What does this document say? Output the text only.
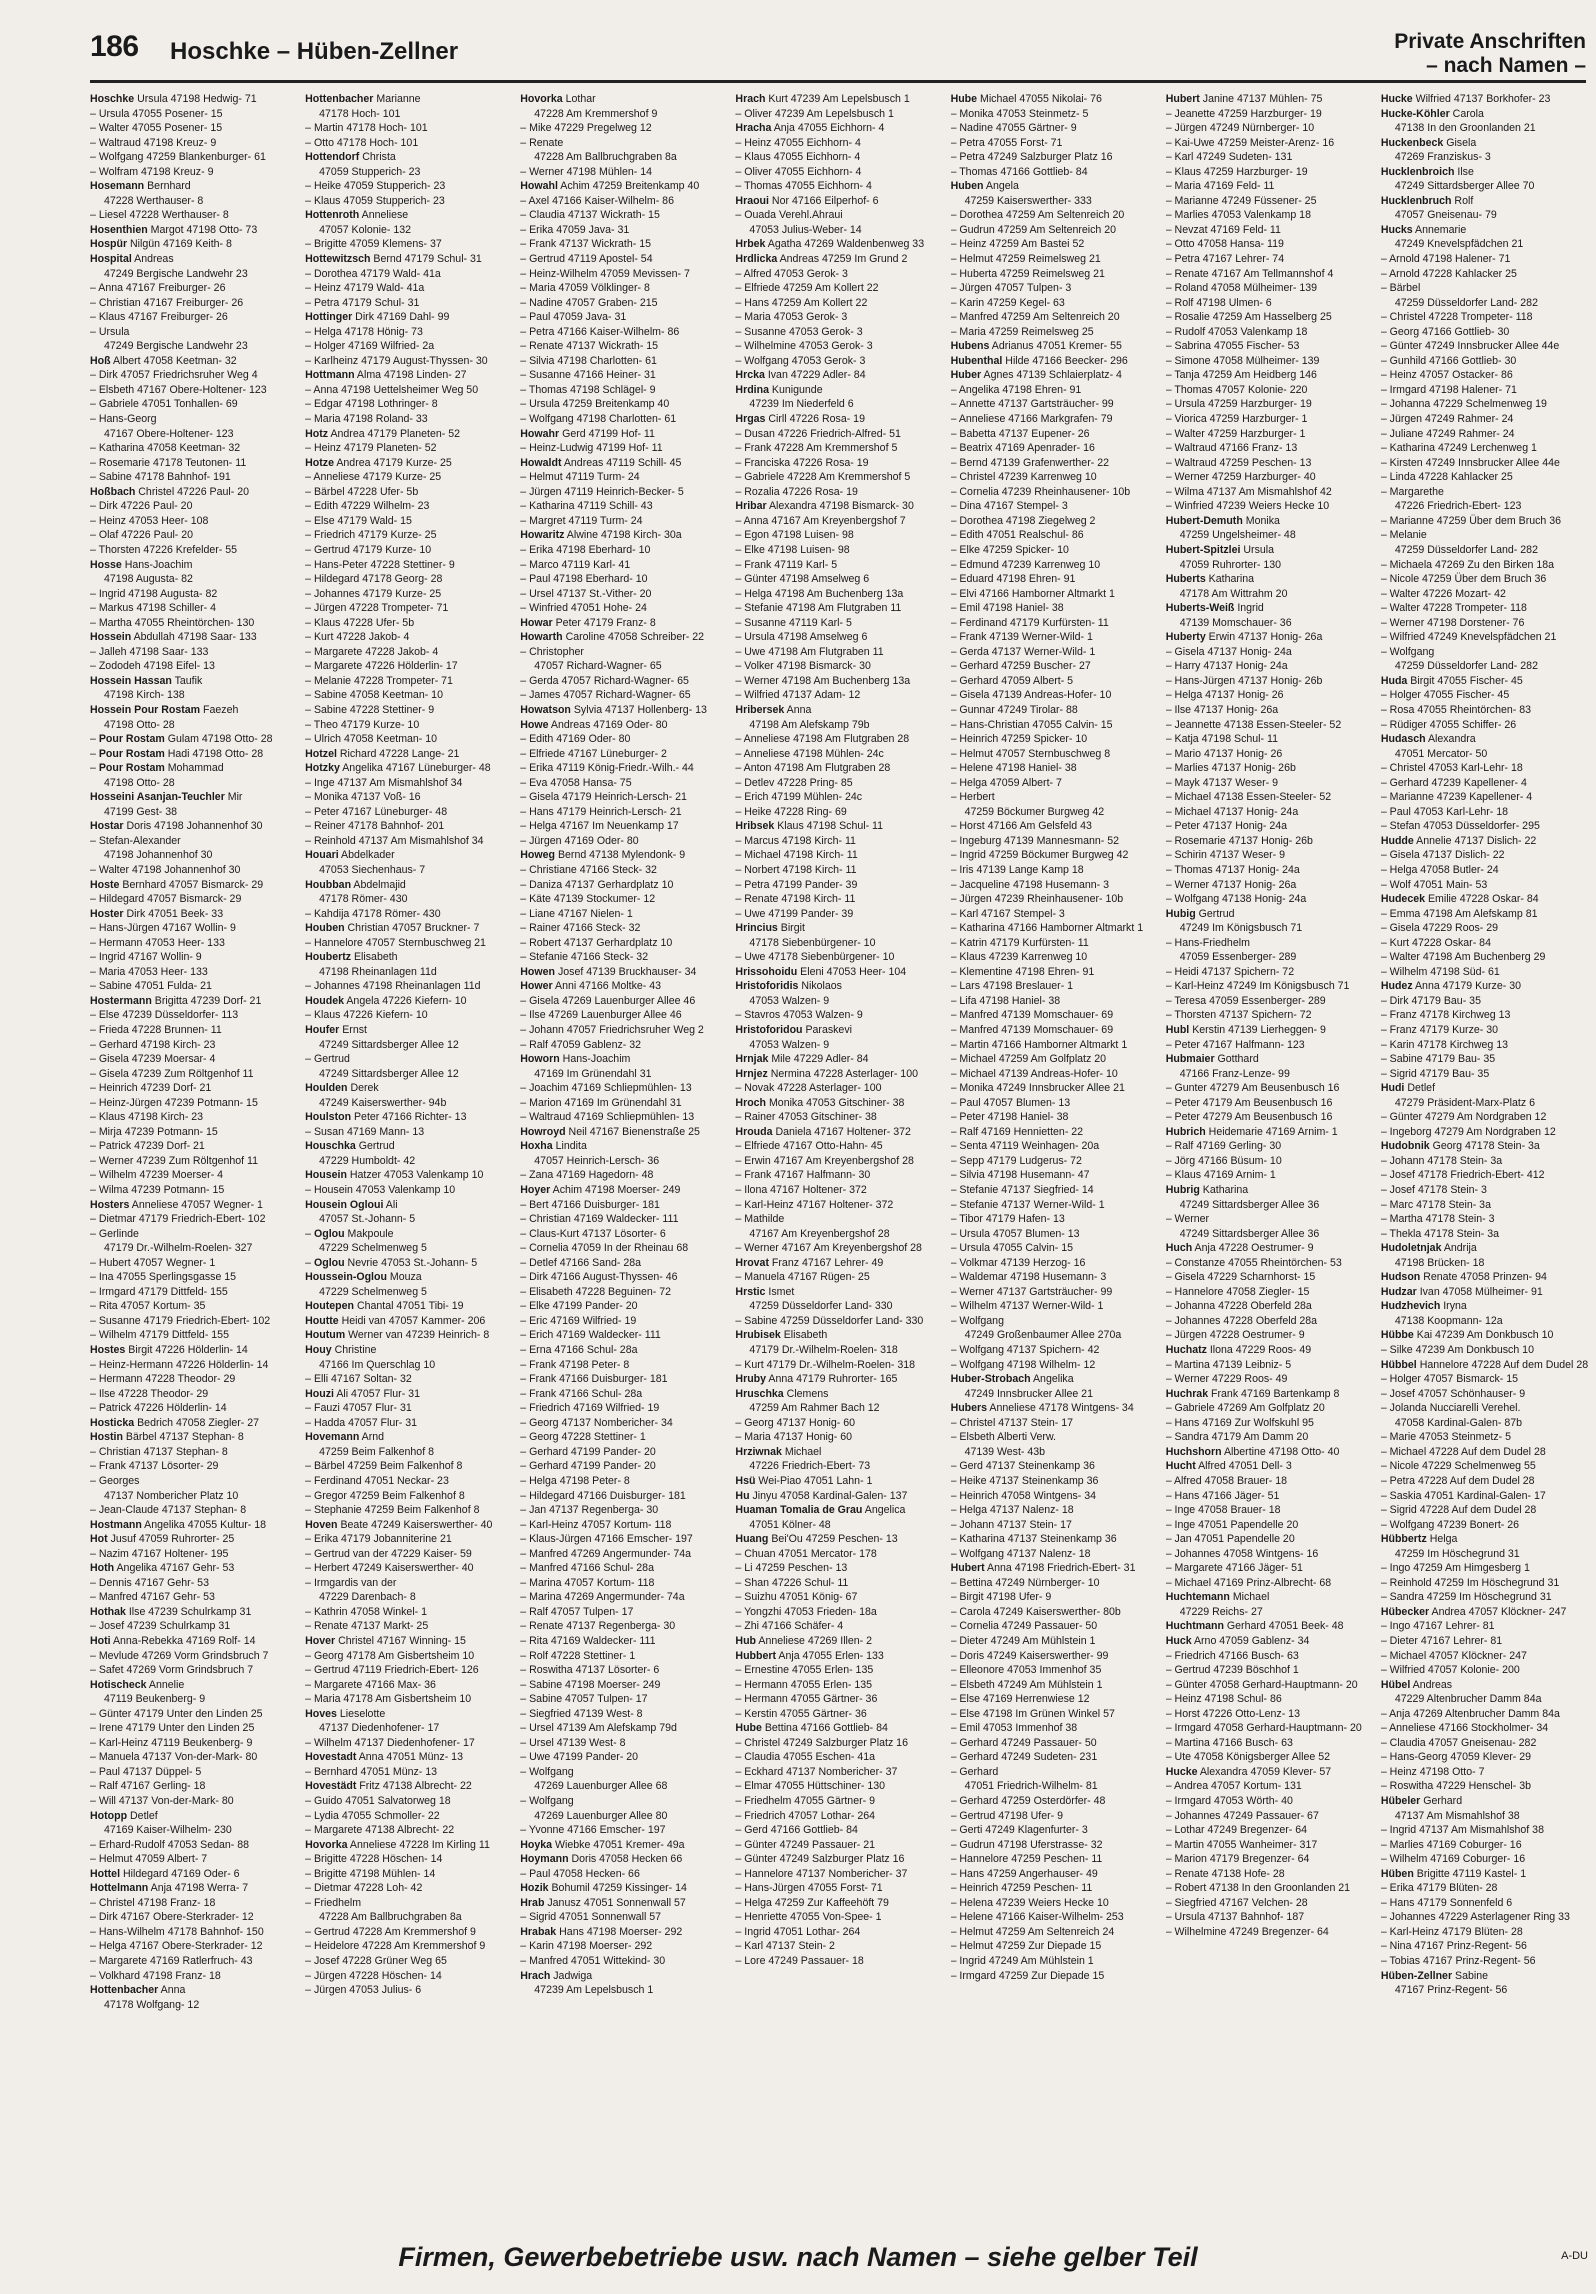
186 Hoschke – Hüben-Zellner	Private Anschriften
– nach Namen –
Hoschke Ursula 47198 Hedwig- 71
– Ursula 47055 Posener- 15
– Walter 47055 Posener- 15
– Waltraud 47198 Kreuz- 9
– Wolfgang 47259 Blankenburger- 61
– Wolfram 47198 Kreuz- 9
Hosemann Bernhard
47228 Werthauser- 8
– Liesel 47228 Werthauser- 8
Hosenthien Margot 47198 Otto- 73
Hospür Nilgün 47169 Keith- 8
Hospital Andreas
47249 Bergische Landwehr 23
– Anna 47167 Freiburger- 26
– Christian 47167 Freiburger- 26
– Klaus 47167 Freiburger- 26
– Ursula
47249 Bergische Landwehr 23
Hoß Albert 47058 Keetman- 32
– Dirk 47057 Friedrichsruher Weg 4
– Elsbeth 47167 Obere-Holtener- 123
– Gabriele 47051 Tonhallen- 69
– Hans-Georg
47167 Obere-Holtener- 123
– Katharina 47058 Keetman- 32
– Rosemarie 47178 Teutonen- 11
– Sabine 47178 Bahnhof- 191
Hoßbach Christel 47226 Paul- 20
– Dirk 47226 Paul- 20
– Heinz 47053 Heer- 108
– Olaf 47226 Paul- 20
– Thorsten 47226 Krefelder- 55
Hosse Hans-Joachim
47198 Augusta- 82
– Ingrid 47198 Augusta- 82
– Markus 47198 Schiller- 4
– Martha 47055 Rheintörchen- 130
Hossein Abdullah 47198 Saar- 133
– Jalleh 47198 Saar- 133
– Zododeh 47198 Eifel- 13
Hossein Hassan Taufik
47198 Kirch- 138
Hossein Pour Rostam Faezeh
47198 Otto- 28
– Pour Rostam Gulam 47198 Otto- 28
– Pour Rostam Hadi 47198 Otto- 28
– Pour Rostam Mohammad
47198 Otto- 28
Hosseini Asanjan-Teuchler Mir
47199 Gest- 38
Hostar Doris 47198 Johannenhof 30
– Stefan-Alexander
47198 Johannenhof 30
– Walter 47198 Johannenhof 30
Hoste Bernhard 47057 Bismarck- 29
– Hildegard 47057 Bismarck- 29
Hoster Dirk 47051 Beek- 33
– Hans-Jürgen 47167 Wollin- 9
– Hermann 47053 Heer- 133
– Ingrid 47167 Wollin- 9
– Maria 47053 Heer- 133
– Sabine 47051 Fulda- 21
Hostermann Brigitta 47239 Dorf- 21
– Else 47239 Düsseldorfer- 113
– Frieda 47228 Brunnen- 11
– Gerhard 47198 Kirch- 23
– Gisela 47239 Moersar- 4
– Gisela 47239 Zum Röltgenhof 11
– Heinrich 47239 Dorf- 21
– Heinz-Jürgen 47239 Potmann- 15
– Klaus 47198 Kirch- 23
– Mirja 47239 Potmann- 15
– Patrick 47239 Dorf- 21
– Werner 47239 Zum Röltgenhof 11
– Wilhelm 47239 Moerser- 4
– Wilma 47239 Potmann- 15
Hosters Anneliese 47057 Wegner- 1
– Dietmar 47179 Friedrich-Ebert- 102
– Gerlinde
47179 Dr.-Wilhelm-Roelen- 327
– Hubert 47057 Wegner- 1
– Ina 47055 Sperlingsgasse 15
– Irmgard 47179 Dittfeld- 155
– Rita 47057 Kortum- 35
– Susanne 47179 Friedrich-Ebert- 102
– Wilhelm 47179 Dittfeld- 155
Hostes Birgit 47226 Hölderlin- 14
– Heinz-Hermann 47226 Hölderlin- 14
– Hermann 47228 Theodor- 29
– Ilse 47228 Theodor- 29
– Patrick 47226 Hölderlin- 14
Hosticka Bedrich 47058 Ziegler- 27
Hostin Bärbel 47137 Stephan- 8
– Christian 47137 Stephan- 8
– Frank 47137 Lösorter- 29
– Georges
47137 Nombericher Platz 10
– Jean-Claude 47137 Stephan- 8
Hostmann Angelika 47055 Kultur- 18
Hot Jusuf 47059 Ruhrorter- 25
– Nazim 47167 Holtener- 195
Hoth Angelika 47167 Gehr- 53
– Dennis 47167 Gehr- 53
– Manfred 47167 Gehr- 53
Hothak Ilse 47239 Schulrkamp 31
– Josef 47239 Schulrkamp 31
Hoti Anna-Rebekka 47169 Rolf- 14
– Mevlude 47269 Vorm Grindsbruch 7
– Safet 47269 Vorm Grindsbruch 7
Hotischeck Annelie
47119 Beukenberg- 9
– Günter 47179 Unter den Linden 25
– Irene 47179 Unter den Linden 25
– Karl-Heinz 47119 Beukenberg- 9
– Manuela 47137 Von-der-Mark- 80
– Paul 47137 Düppel- 5
– Ralf 47167 Gerling- 18
– Will 47137 Von-der-Mark- 80
Hotopp Detlef
47169 Kaiser-Wilhelm- 230
– Erhard-Rudolf 47053 Sedan- 88
– Helmut 47059 Albert- 7
Hottel Hildegard 47169 Oder- 6
Hottelmann Anja 47198 Werra- 7
– Christel 47198 Franz- 18
– Dirk 47167 Obere-Sterkrader- 12
– Hans-Wilhelm 47178 Bahnhof- 150
– Helga 47167 Obere-Sterkrader- 12
– Margarete 47169 Ratlerfruch- 43
– Volkhard 47198 Franz- 18
Hottenbacher Anna
47178 Wolfgang- 12
Hottenbacher Marianne
47178 Hoch- 101
– Martin 47178 Hoch- 101
– Otto 47178 Hoch- 101
Hottendorf Christa
47059 Stupperich- 23
– Heike 47059 Stupperich- 23
– Klaus 47059 Stupperich- 23
Hottenroth Anneliese
47057 Kolonie- 132
– Brigitte 47059 Klemens- 37
Hottewitzsch Bernd 47179 Schul- 31
– Dorothea 47179 Wald- 41a
– Heinz 47179 Wald- 41a
– Petra 47179 Schul- 31
Hottinger Dirk 47169 Dahl- 99
– Helga 47178 Hönig- 73
– Holger 47169 Wilfried- 2a
– Karlheinz 47179 August-Thyssen- 30
Hottmann Alma 47198 Linden- 27
– Anna 47198 Uettelsheimer Weg 50
– Edgar 47198 Lothringer- 8
– Maria 47198 Roland- 33
Hotz Andrea 47179 Planeten- 52
– Heinz 47179 Planeten- 52
Hotze Andrea 47179 Kurze- 25
– Anneliese 47179 Kurze- 25
– Bärbel 47228 Ufer- 5b
– Edith 47229 Wilhelm- 23
– Else 47179 Wald- 15
– Friedrich 47179 Kurze- 25
– Gertrud 47179 Kurze- 10
– Hans-Peter 47228 Stettiner- 9
– Hildegard 47178 Georg- 28
– Johannes 47179 Kurze- 25
– Jürgen 47228 Trompeter- 71
– Klaus 47228 Ufer- 5b
– Kurt 47228 Jakob- 4
– Margarete 47228 Jakob- 4
– Margarete 47226 Hölderlin- 17
– Melanie 47228 Trompeter- 71
– Sabine 47058 Keetman- 10
– Sabine 47228 Stettiner- 9
– Theo 47179 Kurze- 10
– Ulrich 47058 Keetman- 10
Hotzel Richard 47228 Lange- 21
Hotzky Angelika 47167 Lüneburger- 48
– Inge 47137 Am Mismahlshof 34
– Monika 47137 Voß- 16
– Peter 47167 Lüneburger- 48
– Reiner 47178 Bahnhof- 201
– Reinhold 47137 Am Mismahlshof 34
Houari Abdelkader
47053 Siechenhaus- 7
Houbban Abdelmajid
47178 Römer- 430
– Kahdija 47178 Römer- 430
Houben Christian 47057 Bruckner- 7
– Hannelore 47057 Sternbuschweg 21
Houbertz Elisabeth
47198 Rheinanlagen 11d
– Johannes 47198 Rheinanlagen 11d
Houdek Angela 47226 Kiefern- 10
– Klaus 47226 Kiefern- 10
Houfer Ernst
47249 Sittardsberger Allee 12
– Gertrud
47249 Sittardsberger Allee 12
Houlden Derek
47249 Kaiserswerther- 94b
Houlston Peter 47166 Richter- 13
– Susan 47169 Mann- 13
Houschka Gertrud
47229 Humboldt- 42
Housein Hatzer 47053 Valenkamp 10
– Housein 47053 Valenkamp 10
Housein Ogloui Ali
47057 St.-Johann- 5
– Oglou Makpoule
47229 Schelmenweg 5
– Oglou Nevrie 47053 St.-Johann- 5
Houssein-Oglou Mouza
47229 Schelmenweg 5
Houtepen Chantal 47051 Tibi- 19
Houtte Heidi van 47057 Kammer- 206
Houtum Werner van 47239 Heinrich- 8
Houy Christine
47166 Im Querschlag 10
– Elli 47167 Soltan- 32
Houzi Ali 47057 Flur- 31
– Fauzi 47057 Flur- 31
– Hadda 47057 Flur- 31
Hovemann Arnd
47259 Beim Falkenhof 8
– Bärbel 47259 Beim Falkenhof 8
– Ferdinand 47051 Neckar- 23
– Gregor 47259 Beim Falkenhof 8
– Stephanie 47259 Beim Falkenhof 8
Hoven Beate 47249 Kaiserswerther- 40
– Erika 47179 Jobanniterine 21
– Gertrud van der 47229 Kaiser- 59
– Herbert 47249 Kaiserswerther- 40
– Irmgardis van der
47229 Darenbach- 8
– Kathrin 47058 Winkel- 1
– Renate 47137 Markt- 25
Hover Christel 47167 Winning- 15
– Georg 47178 Am Gisbertsheim 10
– Gertrud 47119 Friedrich-Ebert- 126
– Margarete 47166 Max- 36
– Maria 47178 Am Gisbertsheim 10
Hoves Lieselotte
47137 Diedenhofener- 17
– Wilhelm 47137 Diedenhofener- 17
Hovestadt Anna 47051 Münz- 13
– Bernhard 47051 Münz- 13
Hovestädt Fritz 47138 Albrecht- 22
– Guido 47051 Salvatorweg 18
– Lydia 47055 Schmoller- 22
– Margarete 47138 Albrecht- 22
Hovorka Anneliese 47228 Im Kirling 11
– Brigitte 47228 Höschen- 14
– Brigitte 47198 Mühlen- 14
– Dietmar 47228 Loh- 42
– Friedhelm
47228 Am Ballbruchgraben 8a
– Gertrud 47228 Am Kremmershof 9
– Heidelore 47228 Am Kremmershof 9
– Josef 47228 Grüner Weg 65
– Jürgen 47228 Höschen- 14
– Jürgen 47053 Julius- 6
Hovorka Lothar
47228 Am Kremmershof 9
– Mike 47229 Pregelweg 12
– Renate
47228 Am Ballbruchgraben 8a
– Werner 47198 Mühlen- 14
Howahl Achim 47259 Breitenkamp 40
– Axel 47166 Kaiser-Wilhelm- 86
– Claudia 47137 Wickrath- 15
– Erika 47059 Java- 31
– Frank 47137 Wickrath- 15
– Gertrud 47119 Apostel- 54
– Heinz-Wilhelm 47059 Mevissen- 7
– Maria 47059 Völklinger- 8
– Nadine 47057 Graben- 215
– Paul 47059 Java- 31
– Petra 47166 Kaiser-Wilhelm- 86
– Renate 47137 Wickrath- 15
– Silvia 47198 Charlotten- 61
– Susanne 47166 Heiner- 31
– Thomas 47198 Schlägel- 9
– Ursula 47259 Breitenkamp 40
– Wolfgang 47198 Charlotten- 61
Howahr Gerd 47199 Hof- 11
– Heinz-Ludwig 47199 Hof- 11
Howaldt Andreas 47119 Schill- 45
– Helmut 47119 Turm- 24
– Jürgen 47119 Heinrich-Becker- 5
– Katharina 47119 Schill- 43
– Margret 47119 Turm- 24
Howaritz Alwine 47198 Kirch- 30a
– Erika 47198 Eberhard- 10
– Marco 47119 Karl- 41
– Paul 47198 Eberhard- 10
– Ursel 47137 St.-Vither- 20
– Winfried 47051 Hohe- 24
Howar Peter 47179 Franz- 8
Howarth Caroline 47058 Schreiber- 22
– Christopher
47057 Richard-Wagner- 65
– Gerda 47057 Richard-Wagner- 65
– James 47057 Richard-Wagner- 65
Howatson Sylvia 47137 Hollenberg- 13
Howe Andreas 47169 Oder- 80
– Edith 47169 Oder- 80
– Elfriede 47167 Lüneburger- 2
– Erika 47119 König-Friedr.-Wilh.- 44
– Eva 47058 Hansa- 75
– Gisela 47179 Heinrich-Lersch- 21
– Hans 47179 Heinrich-Lersch- 21
– Helga 47167 Im Neuenkamp 17
– Jürgen 47169 Oder- 80
Howeg Bernd 47138 Mylendonk- 9
– Christiane 47166 Steck- 32
– Daniza 47137 Gerhardplatz 10
– Käte 47139 Stockumer- 12
– Liane 47167 Nielen- 1
– Rainer 47166 Steck- 32
– Robert 47137 Gerhardplatz 10
– Stefanie 47166 Steck- 32
Howen Josef 47139 Bruckhauser- 34
Hower Anni 47166 Moltke- 43
– Gisela 47269 Lauenburger Allee 46
– Ilse 47269 Lauenburger Allee 46
– Johann 47057 Friedrichsruher Weg 2
– Ralf 47059 Gablenz- 32
Howorn Hans-Joachim
47169 Im Grünendahl 31
– Joachim 47169 Schliepmühlen- 13
– Marion 47169 Im Grünendahl 31
– Waltraud 47169 Schliepmühlen- 13
Howroyd Neil 47167 Bienenstraße 25
Hoxha Lindita
47057 Heinrich-Lersch- 36
– Zana 47169 Hagedorn- 48
Hoyer Achim 47198 Moerser- 249
– Bert 47166 Duisburger- 181
– Christian 47169 Waldecker- 111
– Claus-Kurt 47137 Lösorter- 6
– Cornelia 47059 In der Rheinau 68
– Detlef 47166 Sand- 28a
– Dirk 47166 August-Thyssen- 46
– Elisabeth 47228 Beguinen- 72
– Elke 47199 Pander- 20
– Eric 47169 Wilfried- 19
– Erich 47169 Waldecker- 111
– Erna 47166 Schul- 28a
– Frank 47198 Peter- 8
– Frank 47166 Duisburger- 181
– Frank 47166 Schul- 28a
– Friedrich 47169 Wilfried- 19
– Georg 47137 Nombericher- 34
– Georg 47228 Stettiner- 1
– Gerhard 47199 Pander- 20
– Gerhard 47199 Pander- 20
– Helga 47198 Peter- 8
– Hildegard 47166 Duisburger- 181
– Jan 47137 Regenberga- 30
– Karl-Heinz 47057 Kortum- 118
– Klaus-Jürgen 47166 Emscher- 197
– Manfred 47269 Angermunder- 74a
– Manfred 47166 Schul- 28a
– Marina 47057 Kortum- 118
– Marina 47269 Angermunder- 74a
– Ralf 47057 Tulpen- 17
– Renate 47137 Regenberga- 30
– Rita 47169 Waldecker- 111
– Rolf 47228 Stettiner- 1
– Roswitha 47137 Lösorter- 6
– Sabine 47198 Moerser- 249
– Sabine 47057 Tulpen- 17
– Siegfried 47139 West- 8
– Ursel 47139 Am Alefskamp 79d
– Ursel 47139 West- 8
– Uwe 47199 Pander- 20
– Wolfgang
47269 Lauenburger Allee 68
– Wolfgang
47269 Lauenburger Allee 80
– Yvonne 47166 Emscher- 197
Hoyka Wiebke 47051 Kremer- 49a
Hoymann Doris 47058 Hecken 66
– Paul 47058 Hecken- 66
Hozik Bohumil 47259 Kissinger- 14
Hrab Janusz 47051 Sonnenwall 57
– Sigrid 47051 Sonnenwall 57
Hrabak Hans 47198 Moerser- 292
– Karin 47198 Moerser- 292
– Manfred 47051 Wittekind- 30
Hrach Jadwiga
47239 Am Lepelsbusch 1
Hrach Kurt 47239 Am Lepelsbusch 1
– Oliver 47239 Am Lepelsbusch 1
Hracha Anja 47055 Eichhorn- 4
– Heinz 47055 Eichhorn- 4
– Klaus 47055 Eichhorn- 4
– Oliver 47055 Eichhorn- 4
– Thomas 47055 Eichhorn- 4
Hraoui Nor 47166 Eilperhof- 6
– Ouada Verehl.Ahraui
47053 Julius-Weber- 14
Hrbek Agatha 47269 Waldenbenweg 33
Hrdlicka Andreas 47259 Im Grund 2
– Alfred 47053 Gerok- 3
– Elfriede 47259 Am Kollert 22
– Hans 47259 Am Kollert 22
– Maria 47053 Gerok- 3
– Susanne 47053 Gerok- 3
– Wilhelmine 47053 Gerok- 3
– Wolfgang 47053 Gerok- 3
Hrcka Ivan 47229 Adler- 84
Hrdina Kunigunde
47239 Im Niederfeld 6
Hrgas Cirll 47226 Rosa- 19
– Dusan 47226 Friedrich-Alfred- 51
– Frank 47228 Am Kremmershof 5
– Franciska 47226 Rosa- 19
– Gabriele 47228 Am Kremmershof 5
– Rozalia 47226 Rosa- 19
Hribar Alexandra 47198 Bismarck- 30
– Anna 47167 Am Kreyenbergshof 7
– Egon 47198 Luisen- 98
– Elke 47198 Luisen- 98
– Frank 47119 Karl- 5
– Günter 47198 Amselweg 6
– Helga 47198 Am Buchenberg 13a
– Stefanie 47198 Am Flutgraben 11
– Susanne 47119 Karl- 5
– Ursula 47198 Amselweg 6
– Uwe 47198 Am Flutgraben 11
– Volker 47198 Bismarck- 30
– Werner 47198 Am Buchenberg 13a
– Wilfried 47137 Adam- 12
Hribersek Anna
47198 Am Alefskamp 79b
– Anneliese 47198 Am Flutgraben 28
– Anneliese 47198 Mühlen- 24c
– Anton 47198 Am Flutgraben 28
– Detlev 47228 Pring- 85
– Erich 47199 Mühlen- 24c
– Heike 47228 Ring- 69
Hribsek Klaus 47198 Schul- 11
– Marcus 47198 Kirch- 11
– Michael 47198 Kirch- 11
– Norbert 47198 Kirch- 11
– Petra 47199 Pander- 39
– Renate 47198 Kirch- 11
– Uwe 47199 Pander- 39
Hrincius Birgit
47178 Siebenbürgener- 10
– Uwe 47178 Siebenbürgener- 10
Hrissohoidu Eleni 47053 Heer- 104
Hristoforidis Nikolaos
47053 Walzen- 9
– Stavros 47053 Walzen- 9
Hristoforidou Paraskevi
47053 Walzen- 9
Hrnjak Mile 47229 Adler- 84
Hrnjez Nermina 47228 Asterlager- 100
– Novak 47228 Asterlager- 100
Hroch Monika 47053 Gitschiner- 38
– Rainer 47053 Gitschiner- 38
Hrouda Daniela 47167 Holtener- 372
– Elfriede 47167 Otto-Hahn- 45
– Erwin 47167 Am Kreyenbergshof 28
– Frank 47167 Halfmann- 30
– Ilona 47167 Holtener- 372
– Karl-Heinz 47167 Holtener- 372
– Mathilde
47167 Am Kreyenbergshof 28
– Werner 47167 Am Kreyenbergshof 28
Hrovat Franz 47167 Lehrer- 49
– Manuela 47167 Rügen- 25
Hrstic Ismet
47259 Düsseldorfer Land- 330
– Sabine 47259 Düsseldorfer Land- 330
Hrubisek Elisabeth
47179 Dr.-Wilhelm-Roelen- 318
– Kurt 47179 Dr.-Wilhelm-Roelen- 318
Hruby Anna 47179 Ruhrorter- 165
Hruschka Clemens
47259 Am Rahmer Bach 12
– Georg 47137 Honig- 60
– Maria 47137 Honig- 60
Hrziwnak Michael
47226 Friedrich-Ebert- 73
Hsü Wei-Piao 47051 Lahn- 1
Hu Jinyu 47058 Kardinal-Galen- 137
Huaman Tomalia de Grau Angelica
47051 Kölner- 48
Huang Bei'Ou 47259 Peschen- 13
– Chuan 47051 Mercator- 178
– Li 47259 Peschen- 13
– Shan 47226 Schul- 11
– Suizhu 47051 König- 67
– Yongzhi 47053 Frieden- 18a
– Zhi 47166 Schäfer- 4
Hub Anneliese 47269 Illen- 2
Hubbert Anja 47055 Erlen- 133
– Ernestine 47055 Erlen- 135
– Hermann 47055 Erlen- 135
– Hermann 47055 Gärtner- 36
– Kerstin 47055 Gärtner- 36
Hube Bettina 47166 Gottlieb- 84
– Christel 47249 Salzburger Platz 16
– Claudia 47055 Eschen- 41a
– Eckhard 47137 Nombericher- 37
– Elmar 47055 Hüttschiner- 130
– Friedhelm 47055 Gärtner- 9
– Friedrich 47057 Lothar- 264
– Gerd 47166 Gottlieb- 84
– Günter 47249 Passauer- 21
– Günter 47249 Salzburger Platz 16
– Hannelore 47137 Nombericher- 37
– Hans-Jürgen 47055 Forst- 71
– Helga 47259 Zur Kaffeehöft 79
– Henriette 47055 Von-Spee- 1
– Ingrid 47051 Lothar- 264
– Karl 47137 Stein- 2
– Lore 47249 Passauer- 18
Hube Michael 47055 Nikolai- 76
– Monika 47053 Steinmetz- 5
– Nadine 47055 Gärtner- 9
– Petra 47055 Forst- 71
– Petra 47249 Salzburger Platz 16
– Thomas 47166 Gottlieb- 84
Huben Angela
47259 Kaiserswerther- 333
– Dorothea 47259 Am Seltenreich 20
– Gudrun 47259 Am Seltenreich 20
– Heinz 47259 Am Bastei 52
– Helmut 47259 Reimelsweg 21
– Huberta 47259 Reimelsweg 21
– Jürgen 47057 Tulpen- 3
– Karin 47259 Kegel- 63
– Manfred 47259 Am Seltenreich 20
– Maria 47259 Reimelsweg 25
Hubens Adrianus 47051 Kremer- 55
Hubenthal Hilde 47166 Beecker- 296
Huber Agnes 47139 Schlaierplatz- 4
– Angelika 47198 Ehren- 91
– Annette 47137 Gartsträucher- 99
– Anneliese 47166 Markgrafen- 79
– Babetta 47137 Eupener- 26
– Beatrix 47169 Apenrader- 16
– Bernd 47139 Grafenwerther- 22
– Christel 47239 Karrenweg 10
– Cornelia 47239 Rheinhausener- 10b
– Dina 47167 Stempel- 3
– Dorothea 47198 Ziegelweg 2
– Edith 47051 Realschul- 86
– Elke 47259 Spicker- 10
– Edmund 47239 Karrenweg 10
– Eduard 47198 Ehren- 91
– Elvi 47166 Hamborner Altmarkt 1
– Emil 47198 Haniel- 38
– Ferdinand 47179 Kurfürsten- 11
– Frank 47139 Werner-Wild- 1
– Gerda 47137 Werner-Wild- 1
– Gerhard 47259 Buscher- 27
– Gerhard 47059 Albert- 5
– Gisela 47139 Andreas-Hofer- 10
– Gunnar 47249 Tirolar- 88
– Hans-Christian 47055 Calvin- 15
– Heinrich 47259 Spicker- 10
– Helmut 47057 Sternbuschweg 8
– Helene 47198 Haniel- 38
– Helga 47059 Albert- 7
– Herbert
47259 Böckumer Burgweg 42
– Horst 47166 Am Gelsfeld 43
– Ingeburg 47139 Mannesmann- 52
– Ingrid 47259 Böckumer Burgweg 42
– Iris 47139 Lange Kamp 18
– Jacqueline 47198 Husemann- 3
– Jürgen 47239 Rheinhausener- 10b
– Karl 47167 Stempel- 3
– Katharina 47166 Hamborner Altmarkt 1
– Katrin 47179 Kurfürsten- 11
– Klaus 47239 Karrenweg 10
– Klementine 47198 Ehren- 91
– Lars 47198 Breslauer- 1
– Lifa 47198 Haniel- 38
– Manfred 47139 Momschauer- 69
– Manfred 47139 Momschauer- 69
– Martin 47166 Hamborner Altmarkt 1
– Michael 47259 Am Golfplatz 20
– Michael 47139 Andreas-Hofer- 10
– Monika 47249 Innsbrucker Allee 21
– Paul 47057 Blumen- 13
– Peter 47198 Haniel- 38
– Ralf 47169 Hennietten- 22
– Senta 47119 Weinhagen- 20a
– Sepp 47179 Ludgerus- 72
– Silvia 47198 Husemann- 47
– Stefanie 47137 Siegfried- 14
– Stefanie 47137 Werner-Wild- 1
– Tibor 47179 Hafen- 13
– Ursula 47057 Blumen- 13
– Ursula 47055 Calvin- 15
– Volkmar 47139 Herzog- 16
– Waldemar 47198 Husemann- 3
– Werner 47137 Gartsträucher- 99
– Wilhelm 47137 Werner-Wild- 1
– Wolfgang
47249 Großenbaumer Allee 270a
– Wolfgang 47137 Spichern- 42
– Wolfgang 47198 Wilhelm- 12
Huber-Strobach Angelika
47249 Innsbrucker Allee 21
Hubers Anneliese 47178 Wintgens- 34
– Christel 47137 Stein- 17
– Elsbeth Alberti Verw.
47139 West- 43b
– Gerd 47137 Steinenkamp 36
– Heike 47137 Steinenkamp 36
– Heinrich 47058 Wintgens- 34
– Helga 47137 Nalenz- 18
– Johann 47137 Stein- 17
– Katharina 47137 Steinenkamp 36
– Wolfgang 47137 Nalenz- 18
Hubert Anna 47198 Friedrich-Ebert- 31
– Bettina 47249 Nürnberger- 10
– Birgit 47198 Ufer- 9
– Carola 47249 Kaiserswerther- 80b
– Cornelia 47249 Passauer- 50
– Dieter 47249 Am Mühlstein 1
– Doris 47249 Kaiserswerther- 99
– Elleonore 47053 Immenhof 35
– Elsbeth 47249 Am Mühlstein 1
– Else 47169 Herrenwiese 12
– Else 47198 Im Grünen Winkel 57
– Emil 47053 Immenhof 38
– Gerhard 47249 Passauer- 50
– Gerhard 47249 Sudeten- 231
– Gerhard
47051 Friedrich-Wilhelm- 81
– Gerhard 47259 Osterdörfer- 48
– Gertrud 47198 Ufer- 9
– Gerti 47249 Klagenfurter- 3
– Gudrun 47198 Uferstrasse- 32
– Hannelore 47259 Peschen- 11
– Hans 47259 Angerhauser- 49
– Heinrich 47259 Peschen- 11
– Helena 47239 Weiers Hecke 10
– Helene 47166 Kaiser-Wilhelm- 253
– Helmut 47259 Am Seltenreich 24
– Helmut 47259 Zur Diepade 15
– Ingrid 47249 Am Mühlstein 1
– Irmgard 47259 Zur Diepade 15
Hubert Janine 47137 Mühlen- 75
– Jeanette 47259 Harzburger- 19
– Jürgen 47249 Nürnberger- 10
– Kai-Uwe 47259 Meister-Arenz- 16
– Karl 47249 Sudeten- 131
– Klaus 47259 Harzburger- 19
– Maria 47169 Feld- 11
– Marianne 47249 Füssener- 25
– Marlies 47053 Valenkamp 18
– Nevzat 47169 Feld- 11
– Otto 47058 Hansa- 119
– Petra 47167 Lehrer- 74
– Renate 47167 Am Tellmannshof 4
– Roland 47058 Mülheimer- 139
– Rolf 47198 Ulmen- 6
– Rosalie 47259 Am Hasselberg 25
– Rudolf 47053 Valenkamp 18
– Sabrina 47055 Fischer- 53
– Simone 47058 Mülheimer- 139
– Tanja 47259 Am Heidberg 146
– Thomas 47057 Kolonie- 220
– Ursula 47259 Harzburger- 19
– Viorica 47259 Harzburger- 1
– Walter 47259 Harzburger- 1
– Waltraud 47166 Franz- 13
– Waltraud 47259 Peschen- 13
– Werner 47259 Harzburger- 40
– Wilma 47137 Am Mismahlshof 42
– Winfried 47239 Weiers Hecke 10
Hubert-Demuth Monika
47259 Ungelsheimer- 48
Hubert-Spitzlei Ursula
47059 Ruhrorter- 130
Huberts Katharina
47178 Am Wittrahm 20
Huberts-Weiß Ingrid
47139 Momschauer- 36
Huberty Erwin 47137 Honig- 26a
– Gisela 47137 Honig- 24a
– Harry 47137 Honig- 24a
– Hans-Jürgen 47137 Honig- 26b
– Helga 47137 Honig- 26
– Ilse 47137 Honig- 26a
– Jeannette 47138 Essen-Steeler- 52
– Katja 47198 Schul- 11
– Mario 47137 Honig- 26
– Marlies 47137 Honig- 26b
– Mayk 47137 Weser- 9
– Michael 47138 Essen-Steeler- 52
– Michael 47137 Honig- 24a
– Peter 47137 Honig- 24a
– Rosemarie 47137 Honig- 26b
– Schirin 47137 Weser- 9
– Thomas 47137 Honig- 24a
– Werner 47137 Honig- 26a
– Wolfgang 47138 Honig- 24a
Hubig Gertrud
47249 Im Königsbusch 71
– Hans-Friedhelm
47059 Essenberger- 289
– Heidi 47137 Spichern- 72
– Karl-Heinz 47249 Im Königsbusch 71
– Teresa 47059 Essenberger- 289
– Thorsten 47137 Spichern- 72
Hubl Kerstin 47139 Lierheggen- 9
– Peter 47167 Halfmann- 123
Hubmaier Gotthard
47166 Franz-Lenze- 99
– Gunter 47279 Am Beusenbusch 16
– Peter 47179 Am Beusenbusch 16
– Peter 47279 Am Beusenbusch 16
Hubrich Heidemarie 47169 Arnim- 1
– Ralf 47169 Gerling- 30
– Jörg 47166 Büsum- 10
– Klaus 47169 Arnim- 1
Hubrig Katharina
47249 Sittardsberger Allee 36
– Werner
47249 Sittardsberger Allee 36
Huch Anja 47228 Oestrumer- 9
– Constanze 47055 Rheintörchen- 53
– Gisela 47229 Scharnhorst- 15
– Hannelore 47058 Ziegler- 15
– Johanna 47228 Oberfeld 28a
– Johannes 47228 Oberfeld 28a
– Jürgen 47228 Oestrumer- 9
Huchatz Ilona 47229 Roos- 49
– Martina 47139 Leibniz- 5
– Werner 47229 Roos- 49
Huchrak Frank 47169 Bartenkamp 8
– Gabriele 47269 Am Golfplatz 20
– Hans 47169 Zur Wolfskuhl 95
– Sandra 47179 Am Damm 20
Huchshorn Albertine 47198 Otto- 40
Hucht Alfred 47051 Dell- 3
– Alfred 47058 Brauer- 18
– Hans 47166 Jäger- 51
– Inge 47058 Brauer- 18
– Inge 47051 Papendelle 20
– Jan 47051 Papendelle 20
– Johannes 47058 Wintgens- 16
– Margarete 47166 Jäger- 51
– Michael 47169 Prinz-Albrecht- 68
Huchtemann Michael
47229 Reichs- 27
Huchtmann Gerhard 47051 Beek- 48
Huck Arno 47059 Gablenz- 34
– Friedrich 47166 Busch- 63
– Gertrud 47239 Böschhof 1
– Günter 47058 Gerhard-Hauptmann- 20
– Heinz 47198 Schul- 86
– Horst 47226 Otto-Lenz- 13
– Irmgard 47058 Gerhard-Hauptmann- 20
– Martina 47166 Busch- 63
– Ute 47058 Königsberger Allee 52
Hucke Alexandra 47059 Klever- 57
– Andrea 47057 Kortum- 131
– Irmgard 47053 Wörth- 40
– Johannes 47249 Passauer- 67
– Lothar 47249 Bregenzer- 64
– Martin 47055 Wanheimer- 317
– Marion 47179 Bregenzer- 64
– Renate 47138 Hofe- 28
– Robert 47138 In den Groonlanden 21
– Siegfried 47167 Velchen- 28
– Ursula 47137 Bahnhof- 187
– Wilhelmine 47249 Bregenzer- 64
Hucke Wilfried 47137 Borkhofer- 23
Hucke-Köhler Carola
47138 In den Groonlanden 21
Huckenbeck Gisela
47269 Franziskus- 3
Hucklenbroich Ilse
47249 Sittardsberger Allee 70
Hucklenbruch Rolf
47057 Gneisenau- 79
Hucks Annemarie
47249 Knevelspfädchen 21
– Arnold 47198 Halener- 71
– Arnold 47228 Kahlacker 25
– Bärbel
47259 Düsseldorfer Land- 282
– Christel 47228 Trompeter- 118
– Georg 47166 Gottlieb- 30
– Günter 47249 Innsbrucker Allee 44e
– Gunhild 47166 Gottlieb- 30
– Heinz 47057 Ostacker- 86
– Irmgard 47198 Halener- 71
– Johanna 47229 Schelmenweg 19
– Jürgen 47249 Rahmer- 24
– Juliane 47249 Rahmer- 24
– Katharina 47249 Lerchenweg 1
– Kirsten 47249 Innsbrucker Allee 44e
– Linda 47228 Kahlacker 25
– Margarethe
47226 Friedrich-Ebert- 123
– Marianne 47259 Über dem Bruch 36
– Melanie
47259 Düsseldorfer Land- 282
– Michaela 47269 Zu den Birken 18a
– Nicole 47259 Über dem Bruch 36
– Walter 47226 Mozart- 42
– Walter 47228 Trompeter- 118
– Werner 47198 Dorstener- 76
– Wilfried 47249 Knevelspfädchen 21
– Wolfgang
47259 Düsseldorfer Land- 282
Huda Birgit 47055 Fischer- 45
– Holger 47055 Fischer- 45
– Rosa 47055 Rheintörchen- 83
– Rüdiger 47055 Schiffer- 26
Hudasch Alexandra
47051 Mercator- 50
– Christel 47053 Karl-Lehr- 18
– Gerhard 47239 Kapellener- 4
– Marianne 47239 Kapellener- 4
– Paul 47053 Karl-Lehr- 18
– Stefan 47053 Düsseldorfer- 295
Hudde Annelie 47137 Dislich- 22
– Gisela 47137 Dislich- 22
– Helga 47058 Butler- 24
– Wolf 47051 Main- 53
Hudecek Emilie 47228 Oskar- 84
– Emma 47198 Am Alefskamp 81
– Gisela 47229 Roos- 29
– Kurt 47228 Oskar- 84
– Walter 47198 Am Buchenberg 29
– Wilhelm 47198 Süd- 61
Hudez Anna 47179 Kurze- 30
– Dirk 47179 Bau- 35
– Franz 47178 Kirchweg 13
– Franz 47179 Kurze- 30
– Karin 47178 Kirchweg 13
– Sabine 47179 Bau- 35
– Sigrid 47179 Bau- 35
Hudi Detlef
47279 Präsident-Marx-Platz 6
– Günter 47279 Am Nordgraben 12
– Ingeborg 47279 Am Nordgraben 12
Hudobnik Georg 47178 Stein- 3a
– Johann 47178 Stein- 3a
– Josef 47178 Friedrich-Ebert- 412
– Josef 47178 Stein- 3
– Marc 47178 Stein- 3a
– Martha 47178 Stein- 3
– Thekla 47178 Stein- 3a
Hudoletnjak Andrija
47198 Brücken- 18
Hudson Renate 47058 Prinzen- 94
Hudzar Ivan 47058 Mülheimer- 91
Hudzhevich Iryna
47138 Koopmann- 12a
Hübbe Kai 47239 Am Donkbusch 10
– Silke 47239 Am Donkbusch 10
Hübbel Hannelore 47228 Auf dem Dudel 28
– Holger 47057 Bismarck- 15
– Josef 47057 Schönhauser- 9
– Jolanda Nucciarelli Verehel.
47058 Kardinal-Galen- 87b
– Marie 47053 Steinmetz- 5
– Michael 47228 Auf dem Dudel 28
– Nicole 47229 Schelmenweg 55
– Petra 47228 Auf dem Dudel 28
– Saskia 47051 Kardinal-Galen- 17
– Sigrid 47228 Auf dem Dudel 28
– Wolfgang 47239 Bonert- 26
Hübbertz Helga
47259 Im Höschegrund 31
– Ingo 47259 Am Himgesberg 1
– Reinhold 47259 Im Höschegrund 31
– Sandra 47259 Im Höschegrund 31
Hübecker Andrea 47057 Klöckner- 247
– Ingo 47167 Lehrer- 81
– Dieter 47167 Lehrer- 81
– Michael 47057 Klöckner- 247
– Wilfried 47057 Kolonie- 200
Hübel Andreas
47229 Altenbrucher Damm 84a
– Anja 47269 Altenbrucher Damm 84a
– Anneliese 47166 Stockholmer- 34
– Claudia 47057 Gneisenau- 282
– Hans-Georg 47059 Klever- 29
– Heinz 47198 Otto- 7
– Roswitha 47229 Henschel- 3b
Hübeler Gerhard
47137 Am Mismahlshof 38
– Ingrid 47137 Am Mismahlshof 38
– Marlies 47169 Coburger- 16
– Wilhelm 47169 Coburger- 16
Hüben Brigitte 47119 Kastel- 1
– Erika 47179 Blüten- 28
– Hans 47179 Sonnenfeld 6
– Johannes 47229 Asterlagener Ring 33
– Karl-Heinz 47179 Blüten- 28
– Nina 47167 Prinz-Regent- 56
– Tobias 47167 Prinz-Regent- 56
Hüben-Zellner Sabine
47167 Prinz-Regent- 56
Firmen, Gewerbebetriebe usw. nach Namen – siehe gelber Teil	A-DU
